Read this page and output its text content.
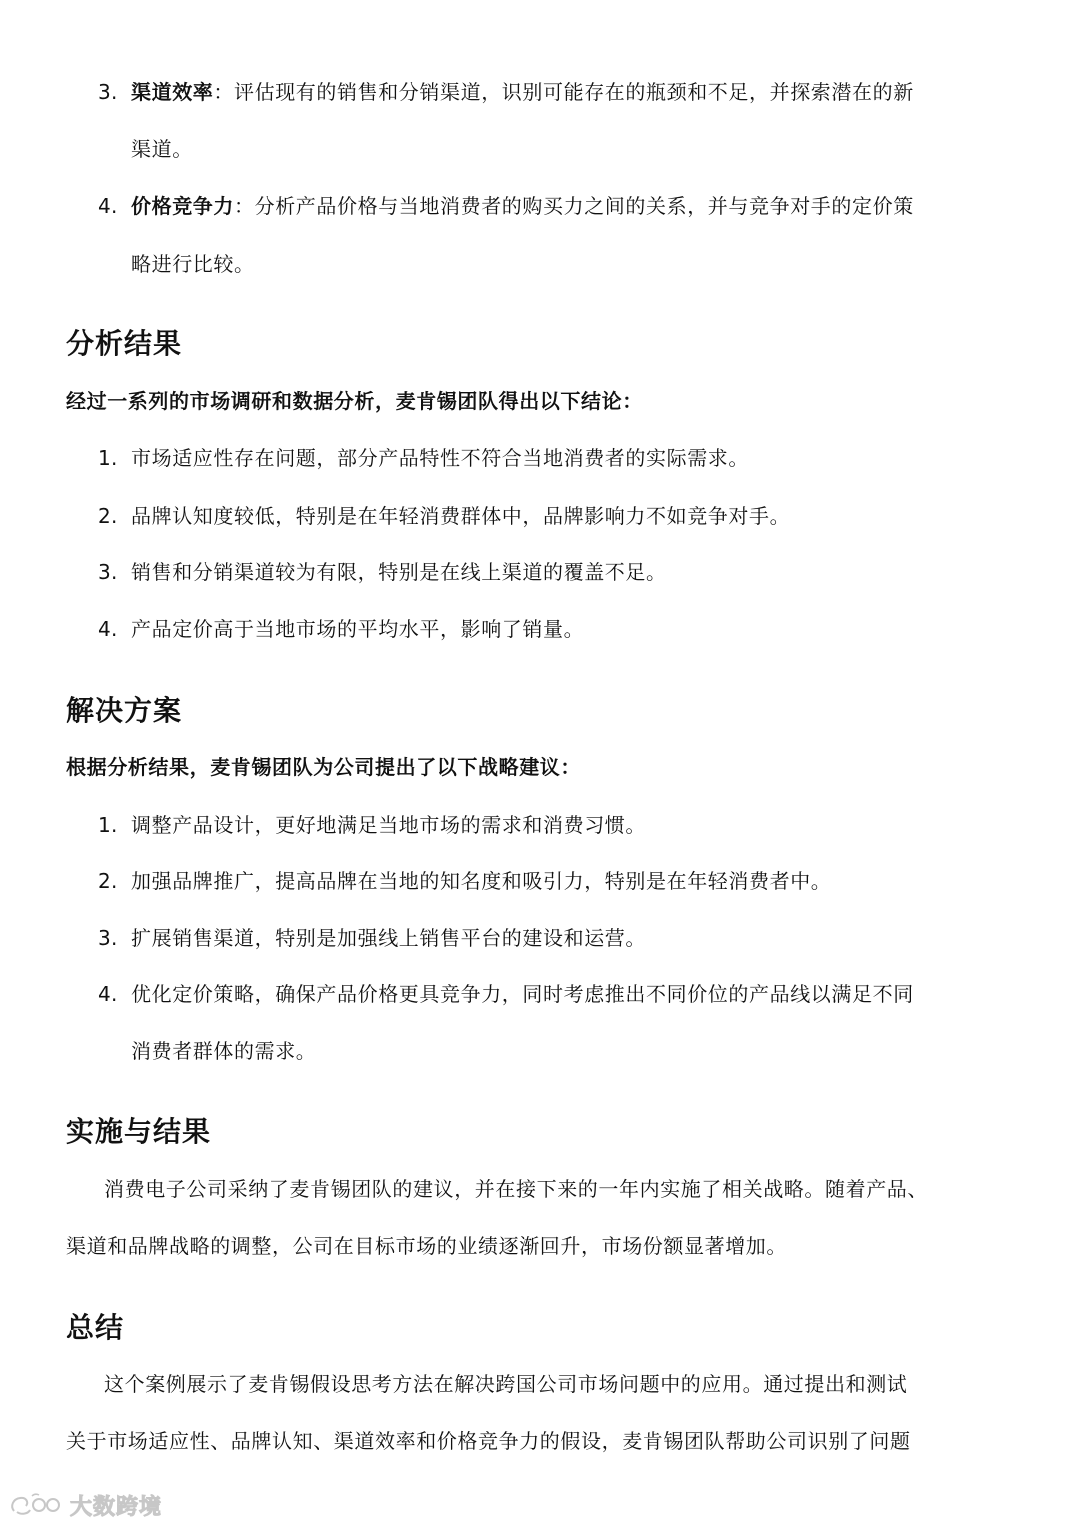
3. 渠道效率：评估现有的销售和分销渠道，识别可能存在的瓶颈和不足，并探索潜在的新
渠道。
4. 价格竞争力：分析产品价格与当地消费者的购买力之间的关系，并与竞争对手的定价策
略进行比较。
分析结果
经过一系列的市场调研和数据分析，麦肯锡团队得出以下结论：
1. 市场适应性存在问题，部分产品特性不符合当地消费者的实际需求。
2. 品牌认知度较低，特别是在年轻消费群体中，品牌影响力不如竞争对手。
3. 销售和分销渠道较为有限，特别是在线上渠道的覆盖不足。
4. 产品定价高于当地市场的平均水平，影响了销量。
解决方案
根据分析结果，麦肯锡团队为公司提出了以下战略建议：
1. 调整产品设计，更好地满足当地市场的需求和消费习惯。
2. 加强品牌推广，提高品牌在当地的知名度和吸引力，特别是在年轻消费者中。
3. 扩展销售渠道，特别是加强线上销售平台的建设和运营。
4. 优化定价策略，确保产品价格更具竞争力，同时考虑推出不同价位的产品线以满足不同
消费者群体的需求。
实施与结果
消费电子公司采纳了麦肯锡团队的建议，并在接下来的一年内实施了相关战略。随着产品、
渠道和品牌战略的调整，公司在目标市场的业绩逐渐回升，市场份额显著增加。
总结
这个案例展示了麦肯锡假设思考方法在解决跨国公司市场问题中的应用。通过提出和测试
关于市场适应性、品牌认知、渠道效率和价格竞争力的假设，麦肯锡团队帮助公司识别了问题
大数跨境
